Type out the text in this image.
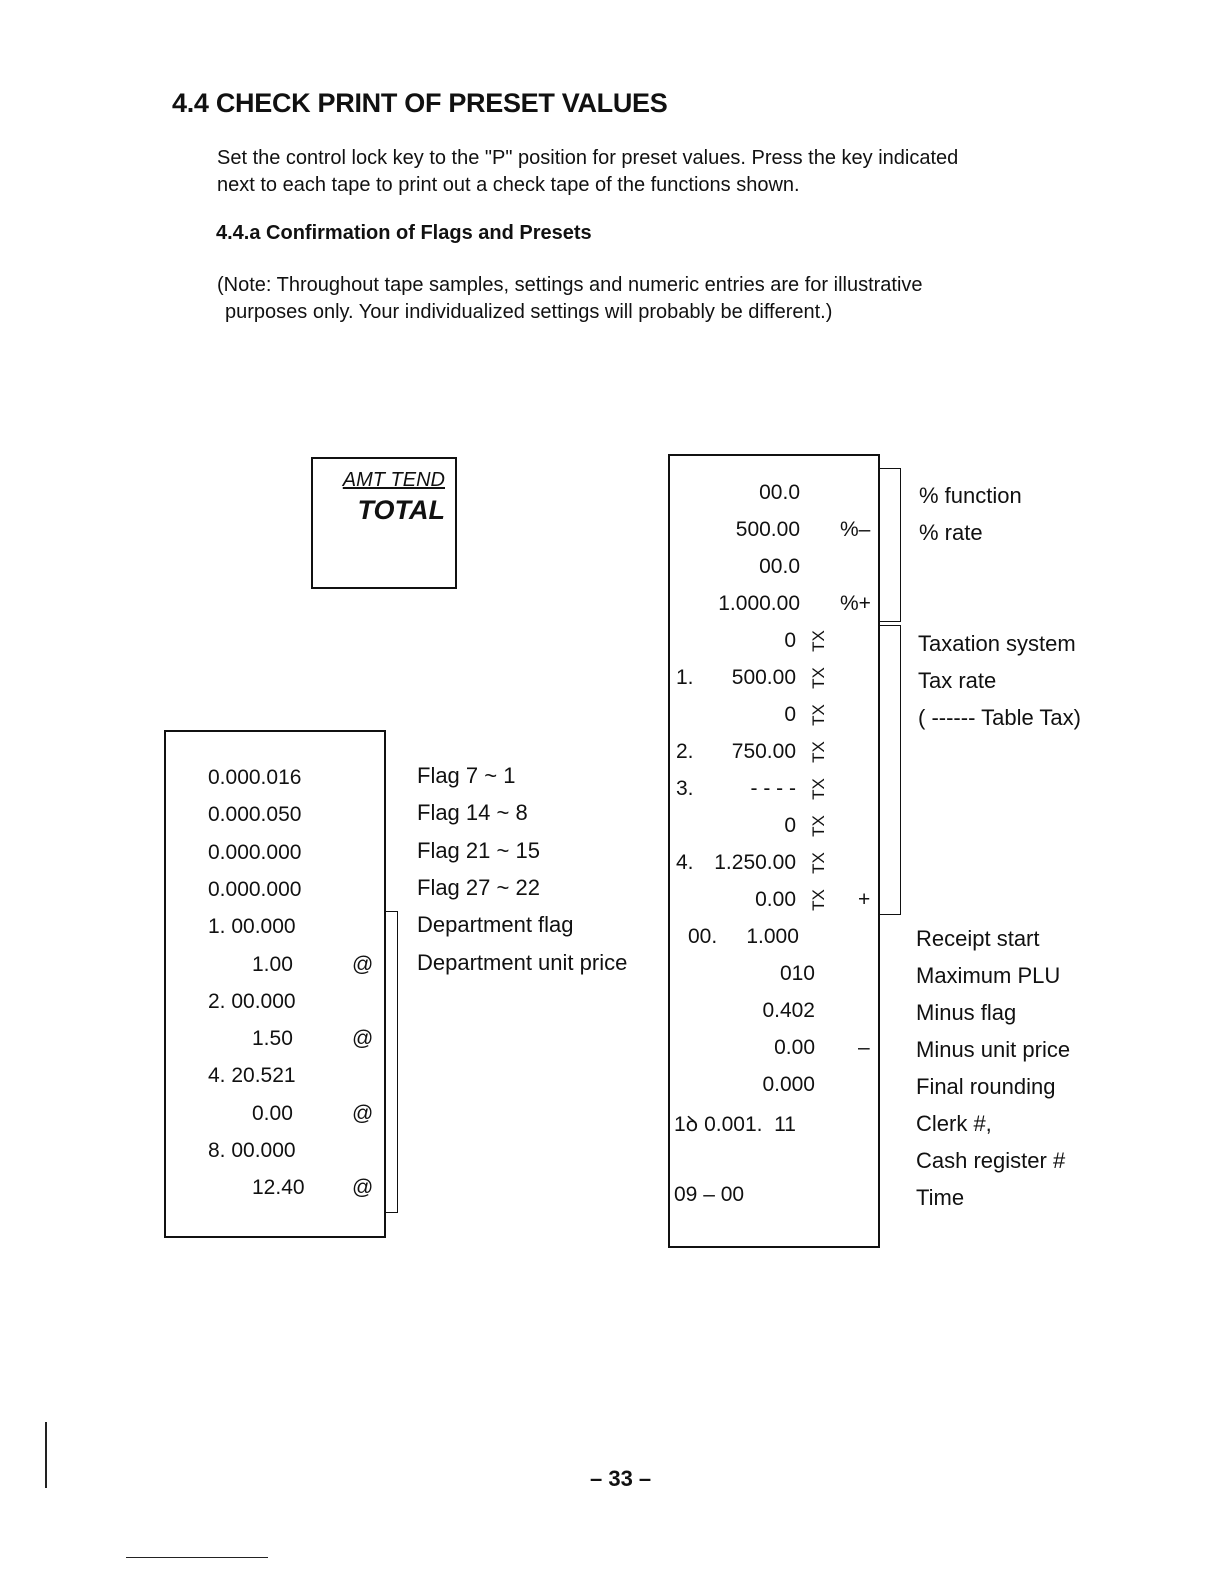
4.4 CHECK PRINT OF PRESET VALUES
Set the control lock key to the "P" position for preset values. Press the key indicated
next to each tape to print out a check tape of the functions shown.
4.4.a Confirmation of Flags and Presets
(Note: Throughout tape samples, settings and numeric entries are for illustrative
purposes only. Your individualized settings will probably be different.)
AMT TEND
TOTAL
0.000.016
0.000.050
0.000.000
0.000.000
1. 00.000
1.00	@
2. 00.000
1.50	@
4. 20.521
0.00	@
8. 00.000
12.40 @
Flag 7 ~ 1
Flag 14 ~ 8
Flag 21 ~ 15
Flag 27 ~ 22
Department flag
Department unit price
00.0
500.00 %–
00.0
1.000.00 %+
0 TX
1. 500.00 TX
0 TX
2. 750.00 TX
3.	- - - - TX
0 TX
4. 1.250.00 TX
0.00 TX +
00.     1.000
010
0.402
0.00 –
0.000
1ꝺ 0.001.  11
% function
% rate
Taxation system
Tax rate
( ------ Table Tax)
Receipt start
Maximum PLU
Minus flag
Minus unit price
Final rounding
Clerk #,
Cash register #
Time
09 – 00
– 33 –
